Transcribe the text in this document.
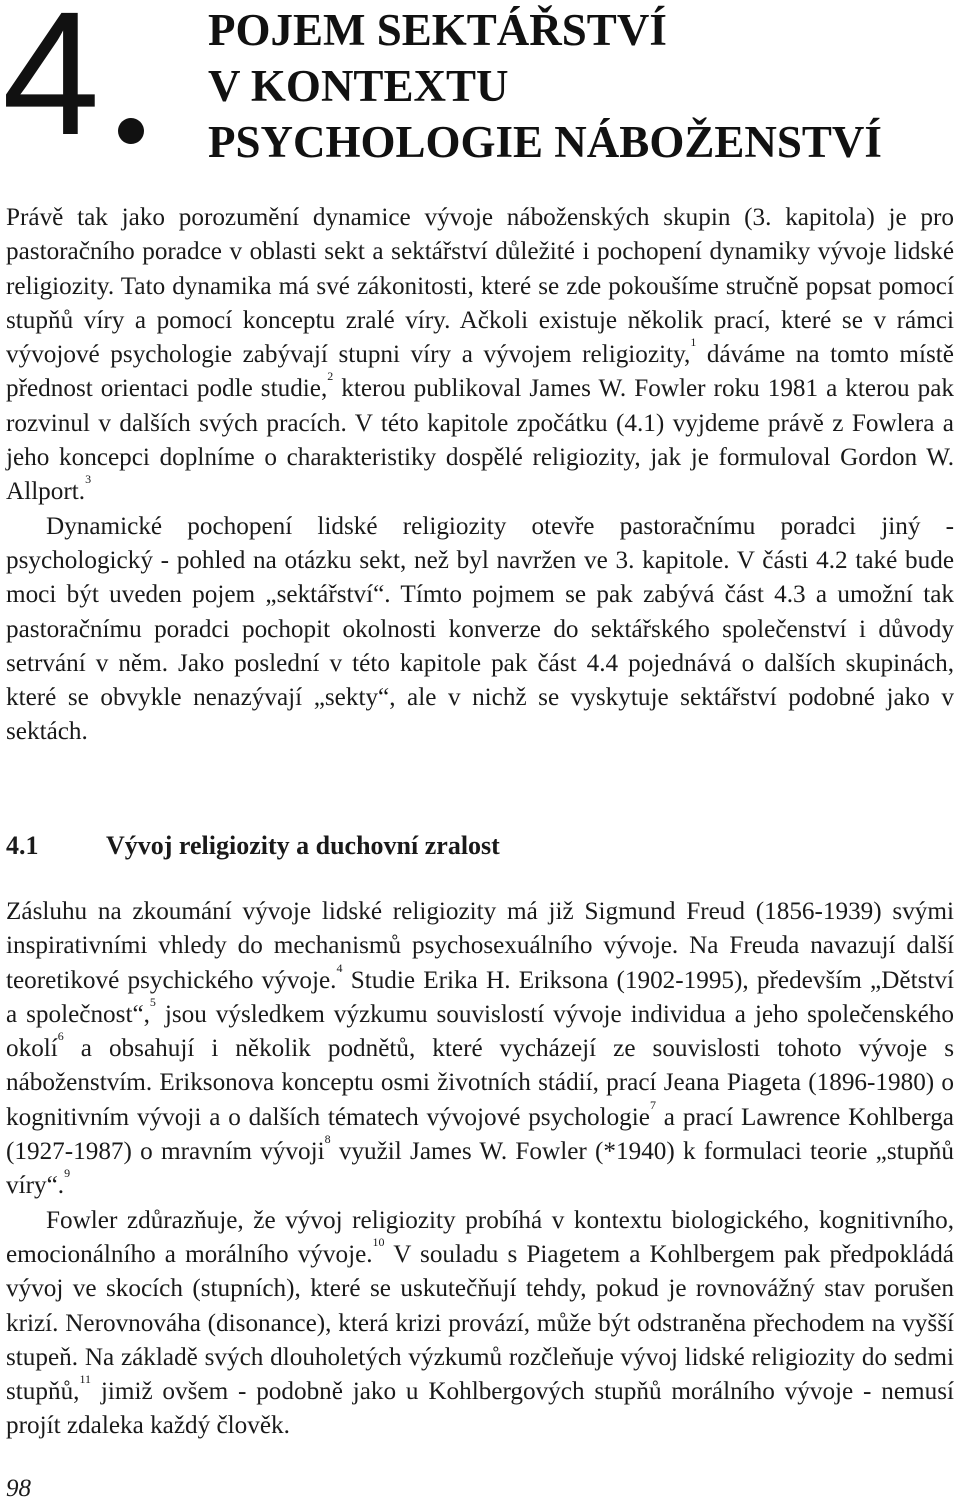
4	POJEM SEKTÁŘSTVÍ
V KONTEXTU
PSYCHOLOGIE NÁBOŽENSTVÍ

Právě tak jako porozumění dynamice vývoje náboženských skupin (3. kapitola) je pro pastoračního poradce v oblasti sekt a sektářství důležité i pochopení dynamiky vývoje lidské religiozity. Tato dynamika má své zákonitosti, které se zde pokoušíme stručně popsat pomocí stupňů víry a pomocí konceptu zralé víry. Ačkoli existuje několik prací, které se v rámci vývojové psychologie zabývají stupni víry a vývojem religiozity,$^1$ dáváme na tomto místě přednost orientaci podle studie,$^2$ kterou publikoval James W. Fowler roku 1981 a kterou pak rozvinul v dalších svých pracích. V této kapitole zpočátku (4.1) vyjdeme právě z Fowlera a jeho koncepci doplníme o charakteristiky dospělé religiozity, jak je formuloval Gordon W. Allport.$^3$

Dynamické pochopení lidské religiozity otevře pastoračnímu poradci jiný - psychologický - pohled na otázku sekt, než byl navržen ve 3. kapitole. V části 4.2 také bude moci být uveden pojem „sektářství“. Tímto pojmem se pak zabývá část 4.3 a umožní tak pastoračnímu poradci pochopit okolnosti konverze do sektářského společenství i důvody setrvání v něm. Jako poslední v této kapitole pak část 4.4 pojednává o dalších skupinách, které se obvykle nenazývají „sekty“, ale v nichž se vyskytuje sektářství podobné jako v sektách.

4.1	Vývoj religiozity a duchovní zralost

Zásluhu na zkoumání vývoje lidské religiozity má již Sigmund Freud (1856-1939) svými inspirativními vhledy do mechanismů psychosexuálního vývoje. Na Freuda navazují další teoretikové psychického vývoje.$^4$ Studie Erika H. Eriksona (1902-1995), především „Dětství a společnost“,$^5$ jsou výsledkem výzkumu souvislostí vývoje individua a jeho společenského okolí$^6$ a obsahují i několik podnětů, které vycházejí ze souvislosti tohoto vývoje s náboženstvím. Eriksonova konceptu osmi životních stádií, prací Jeana Piageta (1896-1980) o kognitivním vývoji a o dalších tématech vývojové psychologie$^7$ a prací Lawrence Kohlberga (1927-1987) o mravním vývoji$^8$ využil James W. Fowler (*1940) k formulaci teorie „stupňů víry“.$^9$

Fowler zdůrazňuje, že vývoj religiozity probíhá v kontextu biologického, kognitivního, emocionálního a morálního vývoje.$^{10}$ V souladu s Piagetem a Kohlbergem pak předpokládá vývoj ve skocích (stupních), které se uskutečňují tehdy, pokud je rovnovážný stav porušen krizí. Nerovnováha (disonance), která krizi provází, může být odstraněna přechodem na vyšší stupeň. Na základě svých dlouholetých výzkumů rozčleňuje vývoj lidské religiozity do sedmi stupňů,$^{11}$ jimiž ovšem - podobně jako u Kohlbergových stupňů morálního vývoje - nemusí projít zdaleka každý člověk.

98
